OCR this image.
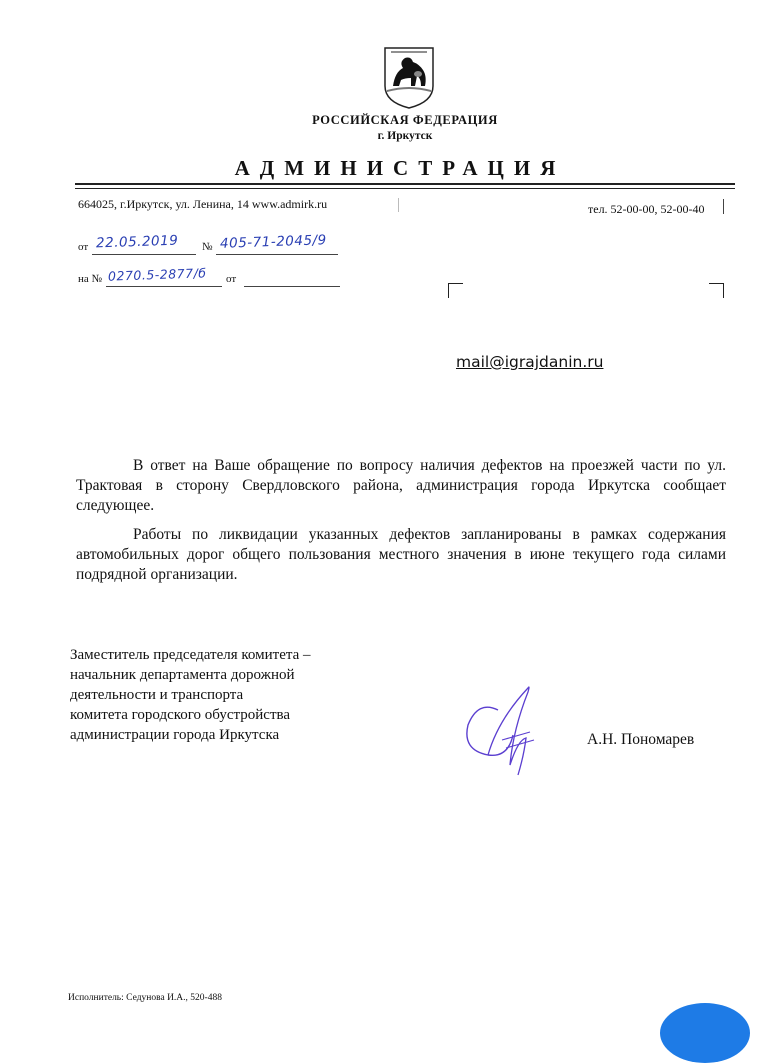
РОССИЙСКАЯ ФЕДЕРАЦИЯ
г. Иркутск
АДМИНИСТРАЦИЯ
664025, г.Иркутск, ул. Ленина, 14 www.admirk.ru	тел. 52-00-00, 52-00-40
от 22.05.2019 № 405-71-2045/9
на № 0270.5-2877/б от
mail@igrajdanin.ru
В ответ на Ваше обращение по вопросу наличия дефектов на проезжей части по ул. Трактовая в сторону Свердловского района, администрация города Иркутска сообщает следующее.
Работы по ликвидации указанных дефектов запланированы в рамках содержания автомобильных дорог общего пользования местного значения в июне текущего года силами подрядной организации.
Заместитель председателя комитета –
начальник департамента дорожной
деятельности и транспорта
комитета городского обустройства
администрации города Иркутска	А.Н. Пономарев
Исполнитель: Седунова И.А., 520-488
